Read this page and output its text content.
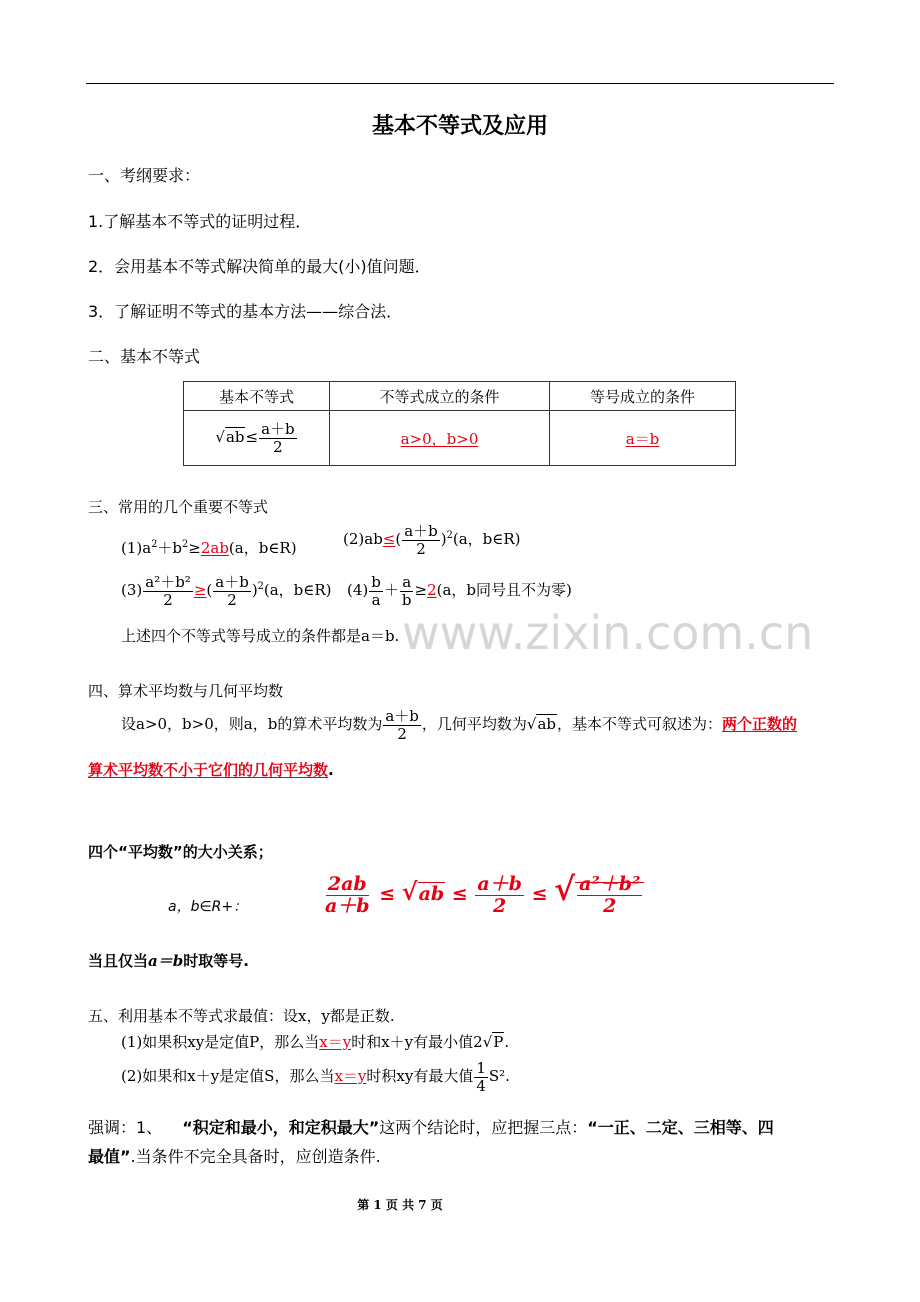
基本不等式及应用
一、考纲要求：
1.了解基本不等式的证明过程．
2．会用基本不等式解决简单的最大(小)值问题．
3．了解证明不等式的基本方法——综合法．
二、基本不等式
基本不等式	不等式成立的条件	等号成立的条件
$√ab\le \frac{a+b}{2}$	a>0，b>0	a＝b
三、常用的几个重要不等式
$(1)a^2+b^2\ge 2ab(a$，b∈R)	$(2)ab\le( \frac{a+b}{2} )^2(a$，b∈R)
$(3) \frac{\text{a²＋b²}}{2}$ ≥( $\frac{a+b}{2} )^2(a$，b∈R) $(4) \frac{b}{a} + \frac{a}{b} \ge 2(a$，b同号且不为零)
上述四个不等式等号成立的条件都是a＝b. www.zixin.com.cn
四、算术平均数与几何平均数
设a>0，b>0，则a，b的算术平均数为 $\frac{a+b}{2}$ ，几何平均数为√ab，基本不等式可叙述为：两个正数的
算术平均数不小于它们的几何平均数.
四个“平均数”的大小关系；
a，b∈R+：	$\frac{2ab}{a+b} \le √ab \le \frac{a+b}{2}$ ≤ √ $\frac{\text{a²＋b²}}{2}$
当且仅当a＝b时取等号.
五、利用基本不等式求最值：设x，y都是正数.
(1)如果积xy是定值P，那么当x＝y时和x＋y有最小值2√P.
(2)如果和x＋y是定值S，那么当x＝y时积xy有最大值 $\frac{1}{4} S^2$.
强调：1、 “积定和最小，和定积最大”这两个结论时，应把握三点：“一正、二定、三相等、四
最值”.当条件不完全具备时，应创造条件.
第 1 页 共 7 页
